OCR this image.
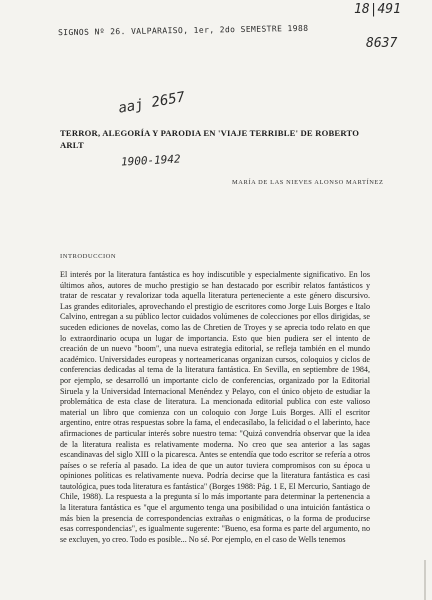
SIGNOS Nº 26. VALPARAISO, 1er, 2do SEMESTRE 1988
18|491
8637
aaj 2657
1900-1942
TERROR, ALEGORÍA Y PARODIA EN 'VIAJE TERRIBLE' DE ROBERTO ARLT
MARÍA DE LAS NIEVES ALONSO MARTÍNEZ
INTRODUCCION

El interés por la literatura fantástica es hoy indiscutible y especialmente significativo. En los últimos años, autores de mucho prestigio se han destacado por escribir relatos fantásticos y tratar de rescatar y revalorizar toda aquella literatura perteneciente a este género discursivo. Las grandes editoriales, aprovechando el prestigio de escritores como Jorge Luis Borges e Italo Calvino, entregan a su público lector cuidados volúmenes de colecciones por ellos dirigidas, se suceden ediciones de novelas, como las de Chretien de Troyes y se aprecia todo relato en que lo extraordinario ocupa un lugar de importancia. Esto que bien pudiera ser el intento de creación de un nuevo "boom", una nueva estrategia editorial, se refleja también en el mundo académico. Universidades europeas y norteamericanas organizan cursos, coloquios y ciclos de conferencias dedicadas al tema de la literatura fantástica. En Sevilla, en septiembre de 1984, por ejemplo, se desarrolló un importante ciclo de conferencias, organizado por la Editorial Siruela y la Universidad Internacional Menéndez y Pelayo, con el único objeto de estudiar la problemática de esta clase de literatura. La mencionada editorial publica con este valioso material un libro que comienza con un coloquio con Jorge Luis Borges. Allí el escritor argentino, entre otras respuestas sobre la fama, el endecasílabo, la felicidad o el laberinto, hace afirmaciones de particular interés sobre nuestro tema: "Quizá convendría observar que la idea de la literatura realista es relativamente moderna. No creo que sea anterior a las sagas escandinavas del siglo XIII o la picaresca. Antes se entendía que todo escritor se refería a otros países o se refería al pasado. La idea de que un autor tuviera compromisos con su época u opiniones políticas es relativamente nueva. Podría decirse que la literatura fantástica es casi tautológica, pues toda literatura es fantástica" (Borges 1988: Pág. 1 E, El Mercurio, Santiago de Chile, 1988). La respuesta a la pregunta sí lo más importante para determinar la pertenencia a la literatura fantástica es "que el argumento tenga una posibilidad o una intuición fantástica o más bien la presencia de correspondencias extrañas o enigmáticas, o la forma de producirse esas correspondencias", es igualmente sugerente: "Bueno, esa forma es parte del argumento, no se excluyen, yo creo. Todo es posible... No sé. Por ejemplo, en el caso de Wells tenemos
